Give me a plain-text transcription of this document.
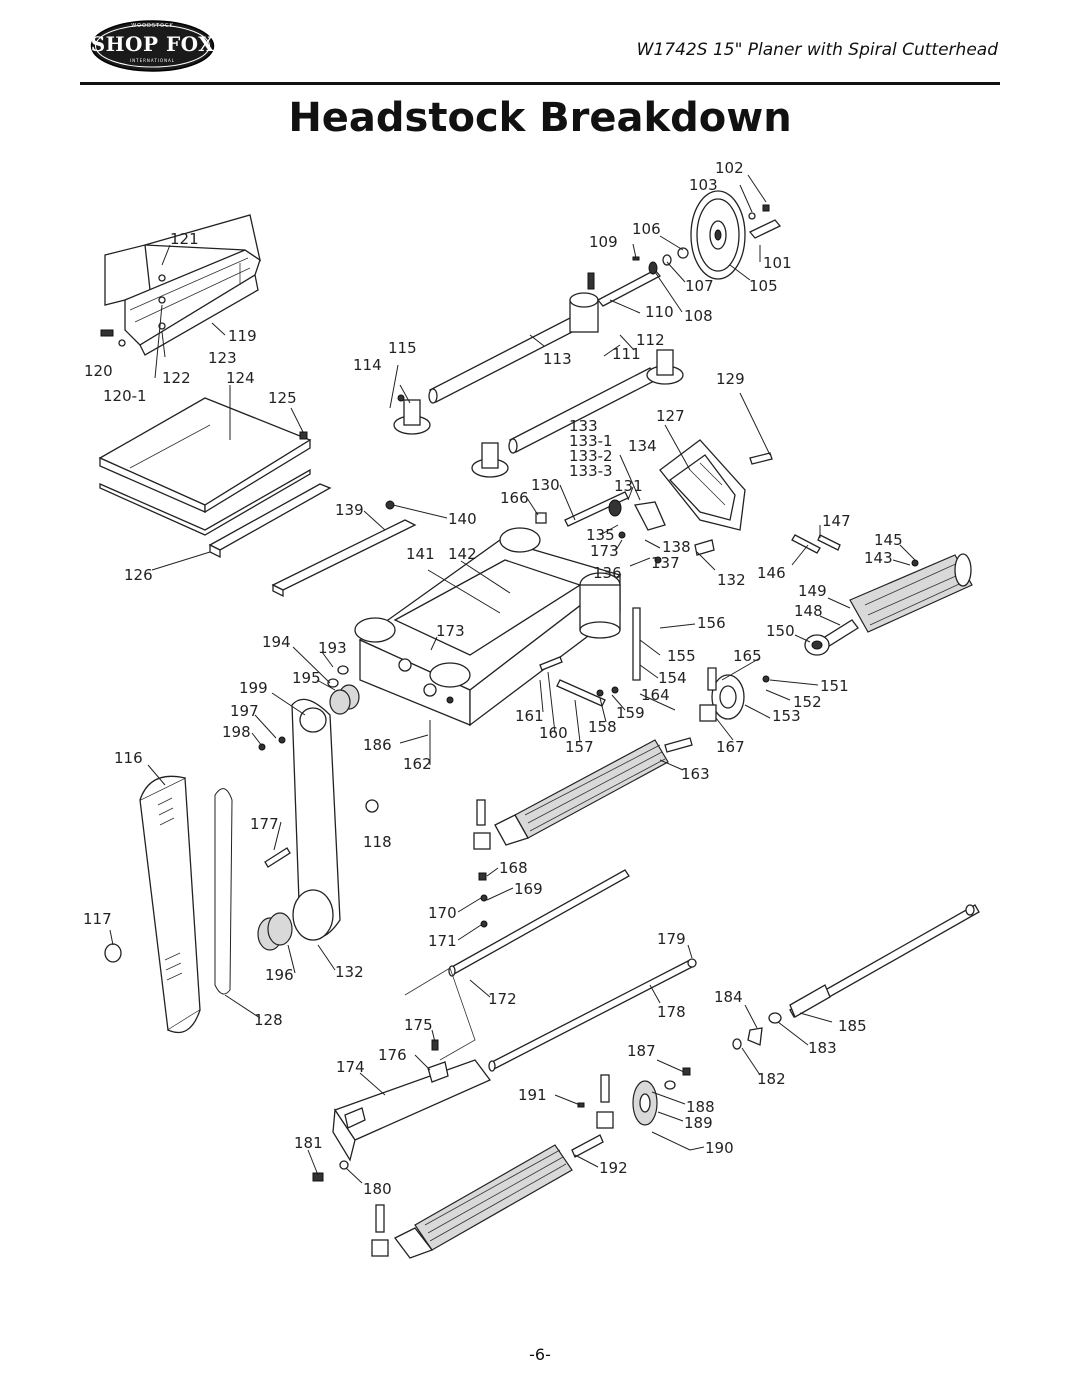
WOODSTOCK
SHOP FOX
INTERNATIONAL
W1742S 15" Planer with Spiral Cutterhead
Headstock Breakdown
102
103
106
109
101
107 105
110 108
112
111
113
115
114
121
119
123
120	122 124
120-1	125
129
127
133
133-1 134
133-2
133-3
130	131
166
139	140	147
135	145
138
173
141 142	143
137
126	136	146
132
149
148
156
173	150
194 193	155 165
195	154	151
199	164	152
197	159
161	153
158
198	160
186	157	167
116	162
163
177
118
168
169
170
117
179
171
196	132
172	184
178
128	175	185
183
187
176
174
182
191
188
189
190
181
192
180
-6-
